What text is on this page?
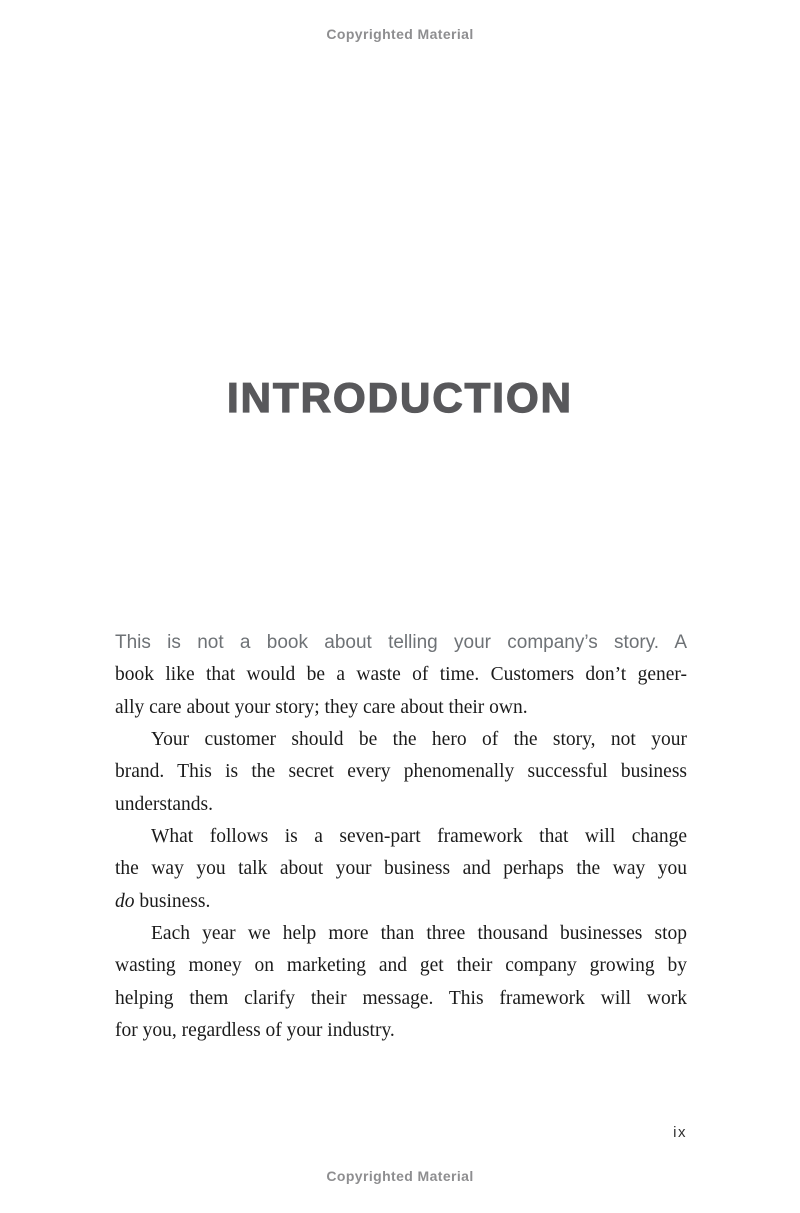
Copyrighted Material
INTRODUCTION
This is not a book about telling your company’s story. A
book like that would be a waste of time. Customers don’t gener-
ally care about your story; they care about their own.
Your customer should be the hero of the story, not your
brand. This is the secret every phenomenally successful business
understands.
What follows is a seven-part framework that will change
the way you talk about your business and perhaps the way you
do business.
Each year we help more than three thousand businesses stop
wasting money on marketing and get their company growing by
helping them clarify their message. This framework will work
for you, regardless of your industry.
ix
Copyrighted Material
